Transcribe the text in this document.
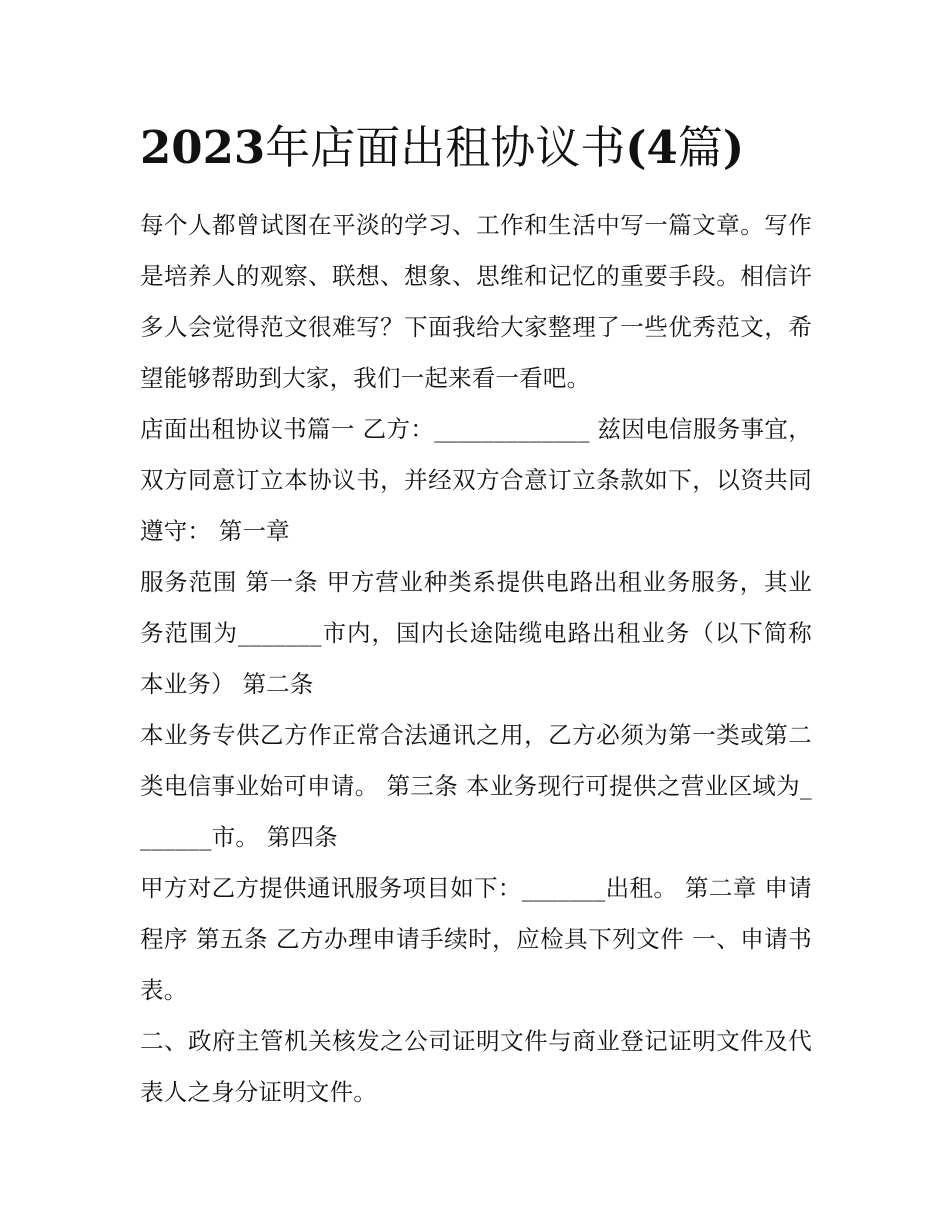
2023年店面出租协议书(4篇)

每个人都曾试图在平淡的学习、工作和生活中写一篇文章。写作是培养人的观察、联想、想象、思维和记忆的重要手段。相信许多人会觉得范文很难写？下面我给大家整理了一些优秀范文，希望能够帮助到大家，我们一起来看一看吧。

店面出租协议书篇一 乙方：_____________ 兹因电信服务事宜，双方同意订立本协议书，并经双方合意订立条款如下，以资共同遵守： 第一章

服务范围 第一条 甲方营业种类系提供电路出租业务服务，其业务范围为_______市内，国内长途陆缆电路出租业务（以下简称本业务） 第二条

本业务专供乙方作正常合法通讯之用，乙方必须为第一类或第二类电信事业始可申请。 第三条 本业务现行可提供之营业区域为_______市。 第四条

甲方对乙方提供通讯服务项目如下：_______出租。 第二章 申请程序 第五条 乙方办理申请手续时，应检具下列文件 一、申请书表。

二、政府主管机关核发之公司证明文件与商业登记证明文件及代表人之身分证明文件。
